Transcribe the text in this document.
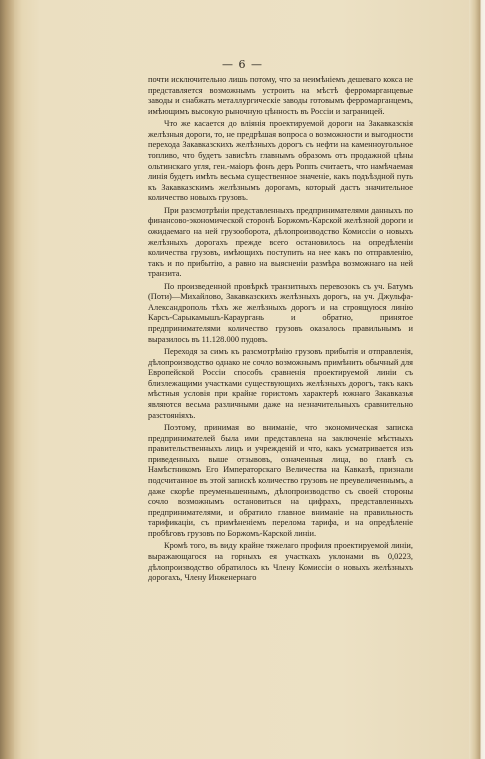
— 6 —

почти исключительно лишь потому, что за неимѣніемъ дешеваго кокса не представляется возможнымъ устроить на мѣстѣ ферромарганцевые заводы и снабжать металлургическіе заводы готовымъ ферромарганцемъ, имѣющимъ высокую рыночную цѣнность въ Россіи и заграницей.

Что же касается до вліянія проектируемой дороги на Закавказскія желѣзныя дороги, то, не предрѣшая вопроса о возможности и выгодности перехода Закавказскихъ желѣзныхъ дорогъ съ нефти на каменноугольное топливо, что будетъ зависѣть главнымъ образомъ отъ продажной цѣны ольтинскаго угля, ген.-маіоръ фонъ деръ Роппъ считаетъ, что намѣчаемая линія будетъ имѣть весьма существенное значеніе, какъ подъѣздной путь къ Закавказскимъ желѣзнымъ дорогамъ, который дастъ значительное количество новыхъ грузовъ.

При разсмотрѣніи представленныхъ предпринимателями данныхъ по финансово-экономической сторонѣ Боржомъ-Карской желѣзной дороги и ожидаемаго на ней грузооборота, дѣлопроизводство Комиссіи о новыхъ желѣзныхъ дорогахъ прежде всего остановилось на опредѣленіи количества грузовъ, имѣющихъ поступить на нее какъ по отправленію, такъ и по прибытію, а равно на выясненіи размѣра возможнаго на ней транзита.

По произведенной провѣркѣ транзитныхъ перевозокъ съ уч. Батумъ (Поти)—Михайлово, Закавказскихъ желѣзныхъ дорогъ, на уч. Джульфа-Александрополь тѣхъ же желѣзныхъ дорогъ и на строящуюся линію Карсъ-Сарыкамышъ-Караургань и обратно, принятое предпринимателями количество грузовъ оказалось правильнымъ и выразилось въ 11.128.000 пудовъ.

Переходя за симъ къ разсмотрѣнію грузовъ прибытія и отправленія, дѣлопроизводство однако не сочло возможнымъ примѣнить обычный для Европейской Россіи способъ сравненія проектируемой линіи съ близлежащими участками существующихъ желѣзныхъ дорогъ, такъ какъ мѣстныя условія при крайне гористомъ характерѣ южнаго Закавказья являются весьма различными даже на незначительныхъ сравнительно разстояніяхъ.

Поэтому, принимая во вниманіе, что экономическая записка предпринимателей была ими представлена на заключеніе мѣстныхъ правительственныхъ лицъ и учрежденій и что, какъ усматривается изъ приведенныхъ выше отзывовъ, означенныя лица, во главѣ съ Намѣстникомъ Его Императорскаго Величества на Кавказѣ, признали подсчитанное въ этой запискѣ количество грузовъ не преувеличеннымъ, а даже скорѣе преуменьшеннымъ, дѣлопроизводство съ своей стороны сочло возможнымъ остановиться на цифрахъ, представленныхъ предпринимателями, и обратило главное вниманіе на правильность тарификаціи, съ примѣненіемъ перелома тарифа, и на опредѣленіе пробѣговъ грузовъ по Боржомъ-Карской линіи.

Кромѣ того, въ виду крайне тяжелаго профиля проектируемой линіи, выражающагося на горныхъ ея участкахъ уклонами въ 0,0223, дѣлопроизводство обратилось къ Члену Комиссіи о новыхъ желѣзныхъ дорогахъ, Члену Инженернаго
